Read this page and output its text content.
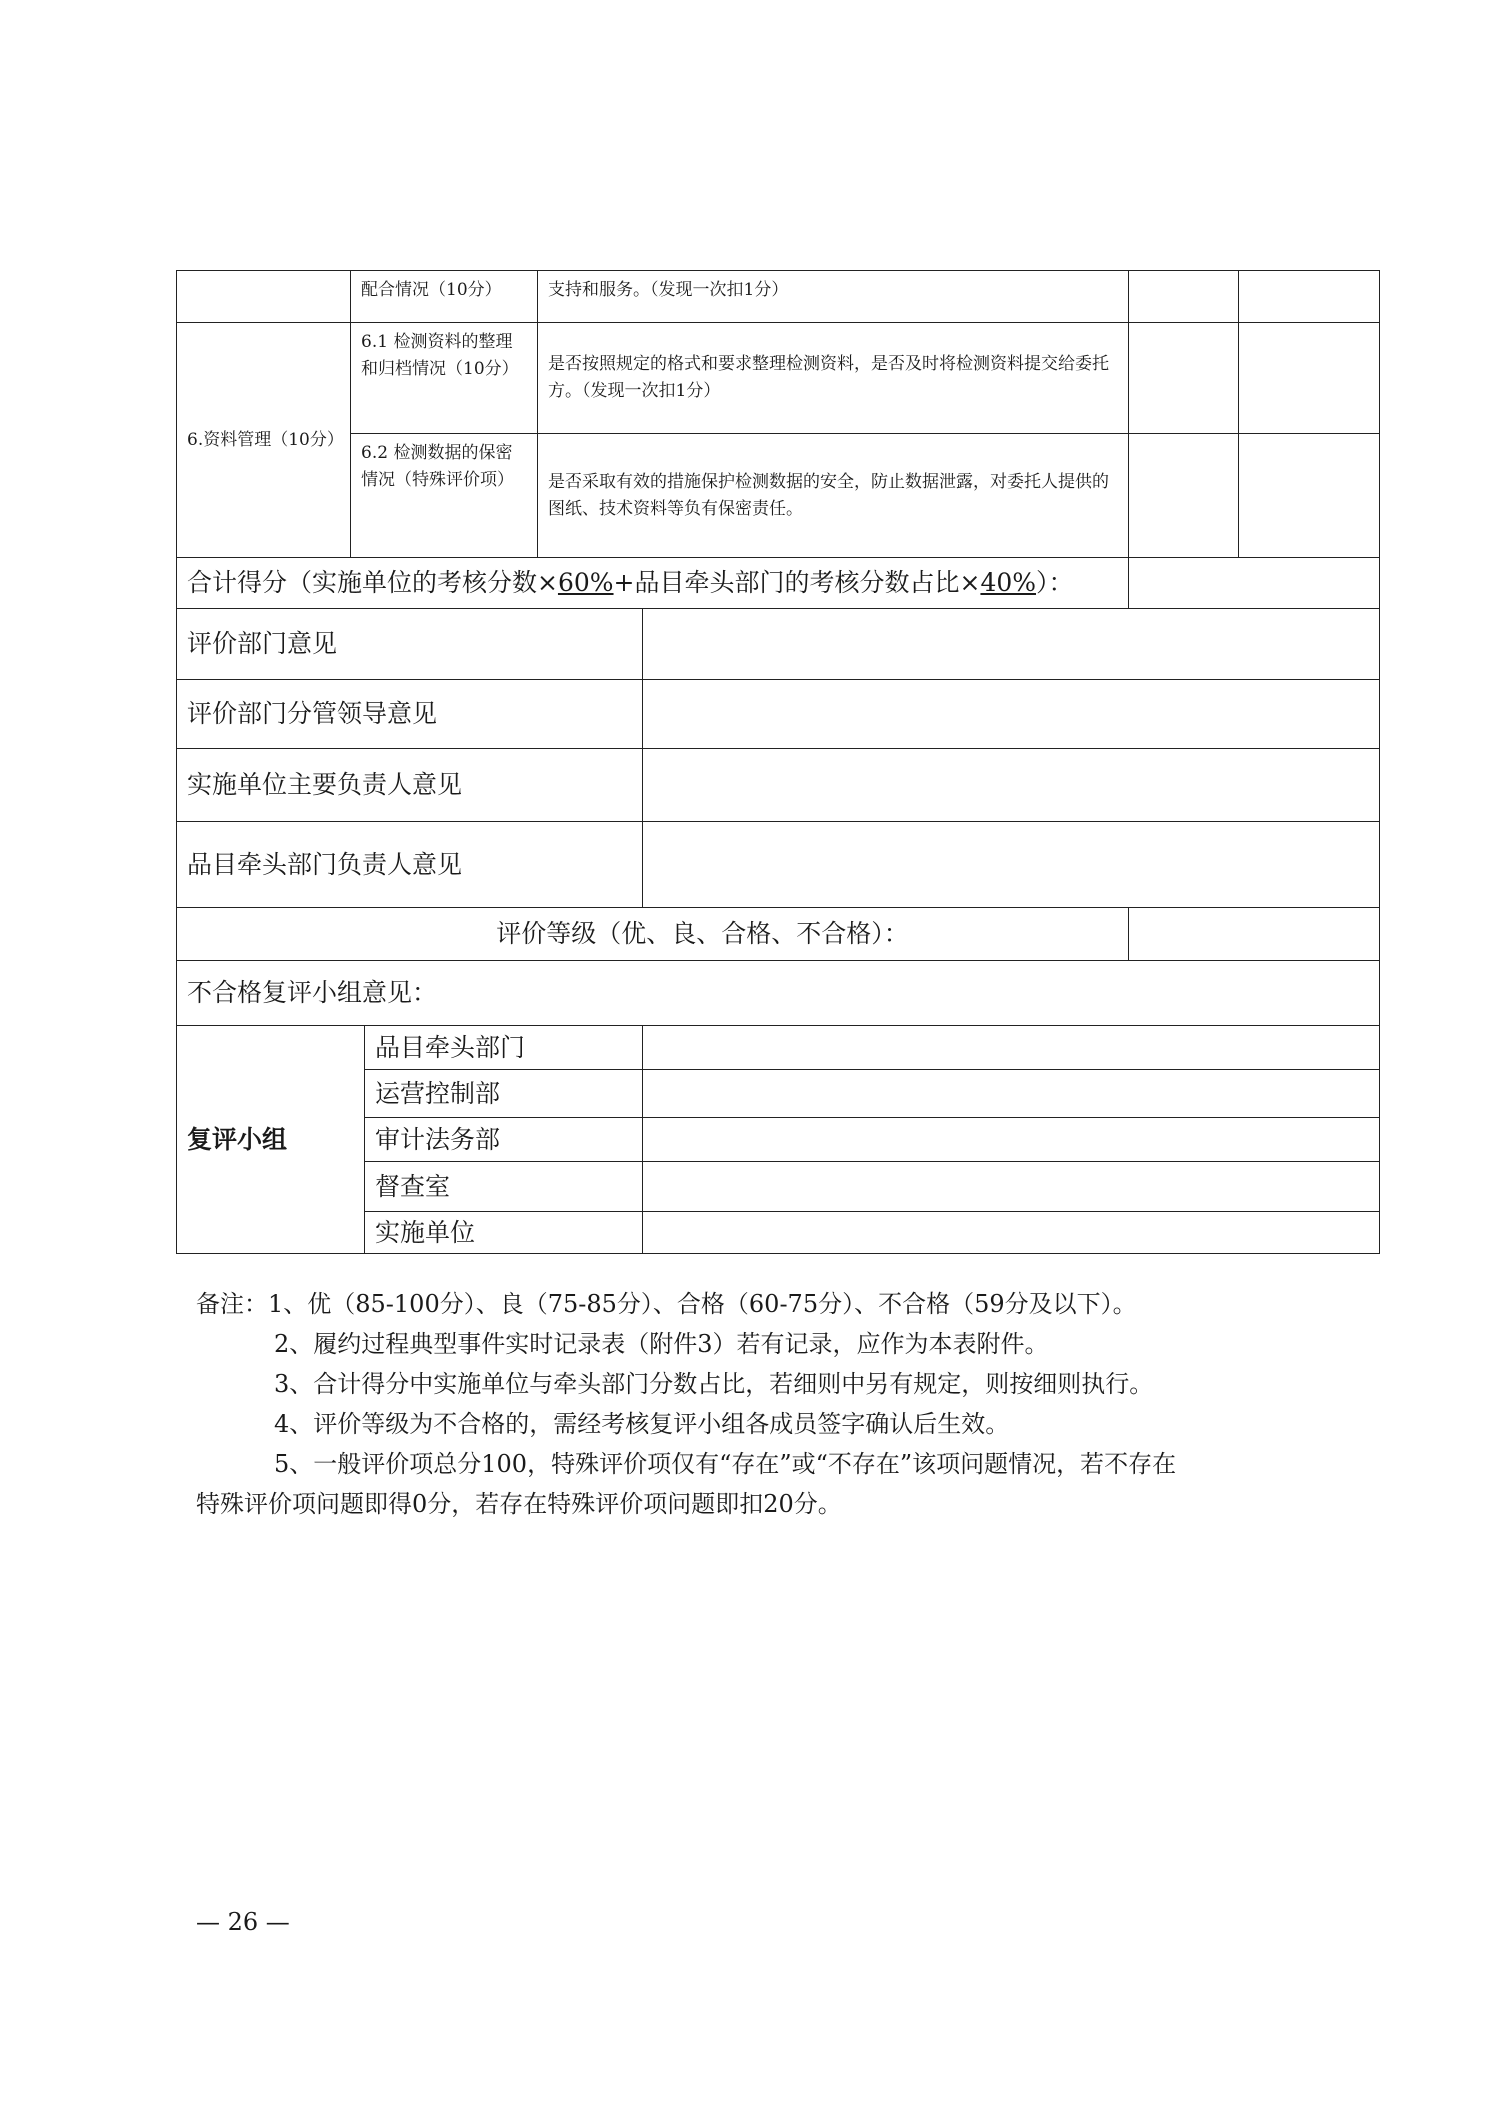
配合情况（10分）	支持和服务。（发现一次扣1分）
6.资料管理（10分）
6.1 检测资料的整理和归档情况（10分）	是否按照规定的格式和要求整理检测资料，是否及时将检测资料提交给委托方。（发现一次扣1分）
6.2 检测数据的保密情况（特殊评价项）	是否采取有效的措施保护检测数据的安全，防止数据泄露，对委托人提供的图纸、技术资料等负有保密责任。
合计得分（实施单位的考核分数× 60% +品目牵头部门的考核分数占比× 40% ）：
评价部门意见
评价部门分管领导意见
实施单位主要负责人意见
品目牵头部门负责人意见
评价等级（优、良、合格、不合格）：
不合格复评小组意见：
复评小组
品目牵头部门
运营控制部
审计法务部
督查室
实施单位
备注：1、优（85-100分）、良（75-85分）、合格（60-75分）、不合格（59分及以下）。
2、履约过程典型事件实时记录表（附件3）若有记录，应作为本表附件。
3、合计得分中实施单位与牵头部门分数占比，若细则中另有规定，则按细则执行。
4、评价等级为不合格的，需经考核复评小组各成员签字确认后生效。
5、一般评价项总分100，特殊评价项仅有“存在”或“不存在”该项问题情况，若不存在
特殊评价项问题即得0分，若存在特殊评价项问题即扣20分。
— 26 —
